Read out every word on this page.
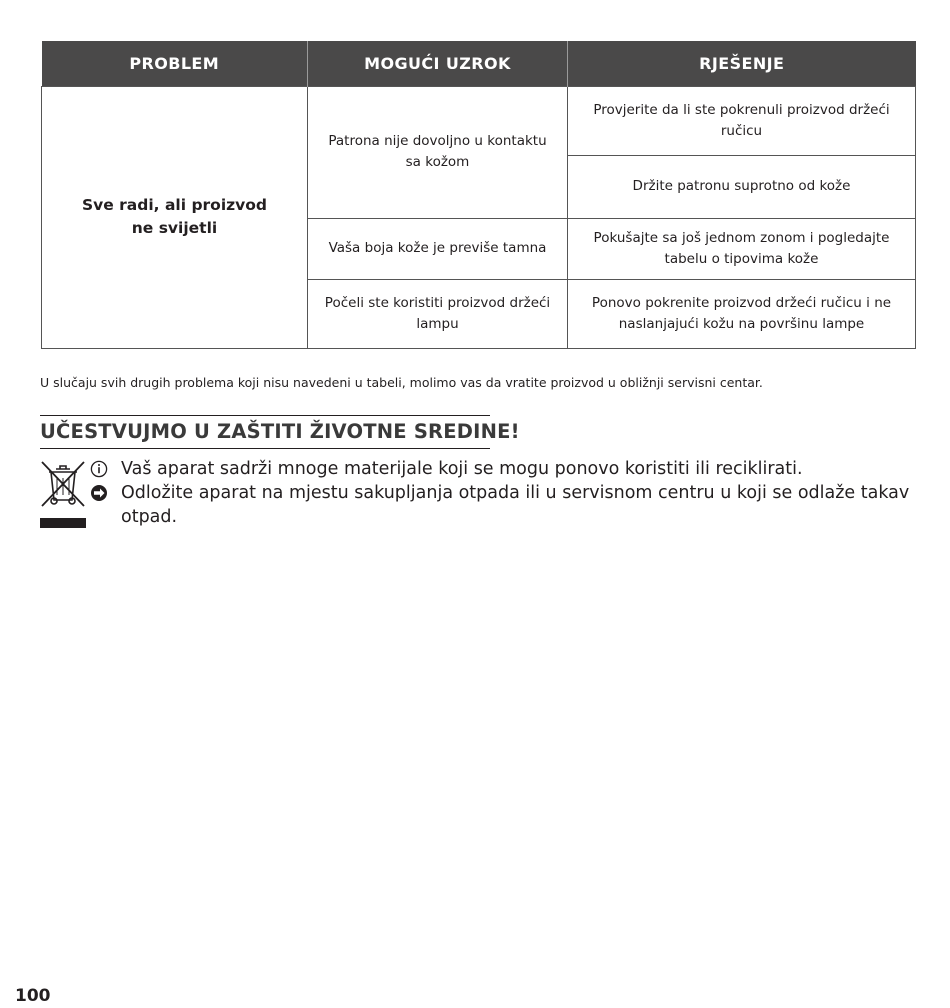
PROBLEM	MOGUĆI UZROK	RJEŠENJE
Sve radi, ali proizvod ne svijetli	Patrona nije dovoljno u kontaktu sa kožom	Provjerite da li ste pokrenuli proizvod držeći ručicu
		Držite patronu suprotno od kože
	Vaša boja kože je previše tamna	Pokušajte sa još jednom zonom i pogledajte tabelu o tipovima kože
	Počeli ste koristiti proizvod držeći lampu	Ponovo pokrenite proizvod držeći ručicu i ne naslanjajući kožu na površinu lampe

U slučaju svih drugih problema koji nisu navedeni u tabeli, molimo vas da vratite proizvod u obližnji servisni centar.

UČESTVUJMO U ZAŠTITI ŽIVOTNE SREDINE!
Vaš aparat sadrži mnoge materijale koji se mogu ponovo koristiti ili reciklirati.
Odložite aparat na mjestu sakupljanja otpada ili u servisnom centru u koji se odlaže takav otpad.
100
